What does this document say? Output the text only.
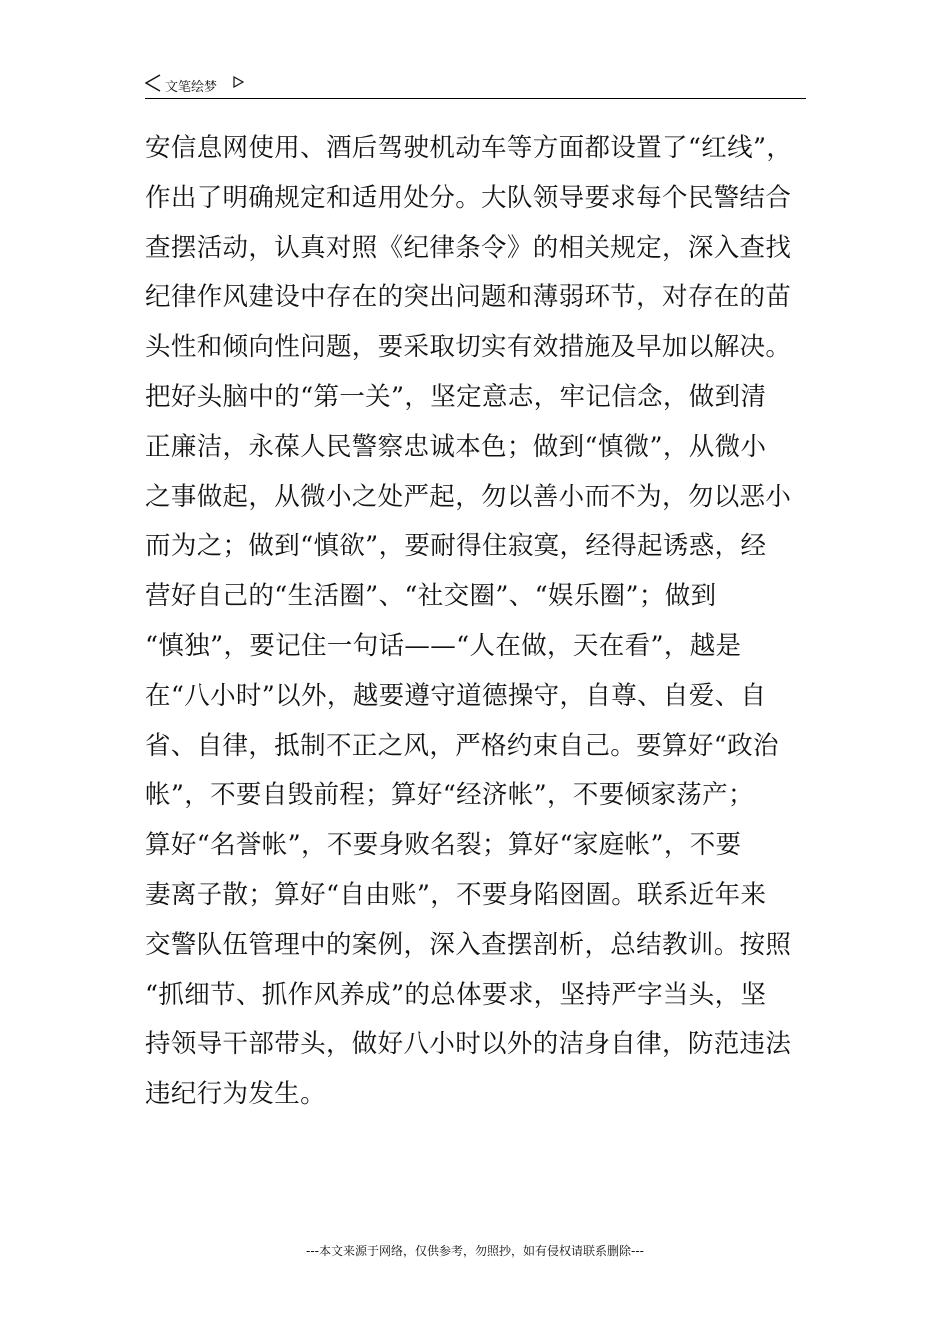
文笔绘梦
安信息网使用、酒后驾驶机动车等方面都设置了“红线”，
作出了明确规定和适用处分。大队领导要求每个民警结合
查摆活动，认真对照《纪律条令》的相关规定，深入查找
纪律作风建设中存在的突出问题和薄弱环节，对存在的苗
头性和倾向性问题，要采取切实有效措施及早加以解决。
把好头脑中的“第一关”，坚定意志，牢记信念，做到清
正廉洁，永葆人民警察忠诚本色；做到“慎微”，从微小
之事做起，从微小之处严起，勿以善小而不为，勿以恶小
而为之；做到“慎欲”，要耐得住寂寞，经得起诱惑，经
营好自己的“生活圈”、“社交圈”、“娱乐圈”；做到
“慎独”，要记住一句话——“人在做，天在看”，越是
在“八小时”以外，越要遵守道德操守，自尊、自爱、自
省、自律，抵制不正之风，严格约束自己。要算好“政治
帐”，不要自毁前程；算好“经济帐”，不要倾家荡产；
算好“名誉帐”，不要身败名裂；算好“家庭帐”，不要
妻离子散；算好“自由账”，不要身陷囹圄。联系近年来
交警队伍管理中的案例，深入查摆剖析，总结教训。按照
“抓细节、抓作风养成”的总体要求，坚持严字当头，坚
持领导干部带头，做好八小时以外的洁身自律，防范违法
违纪行为发生。
---本文来源于网络，仅供参考，勿照抄，如有侵权请联系删除---
